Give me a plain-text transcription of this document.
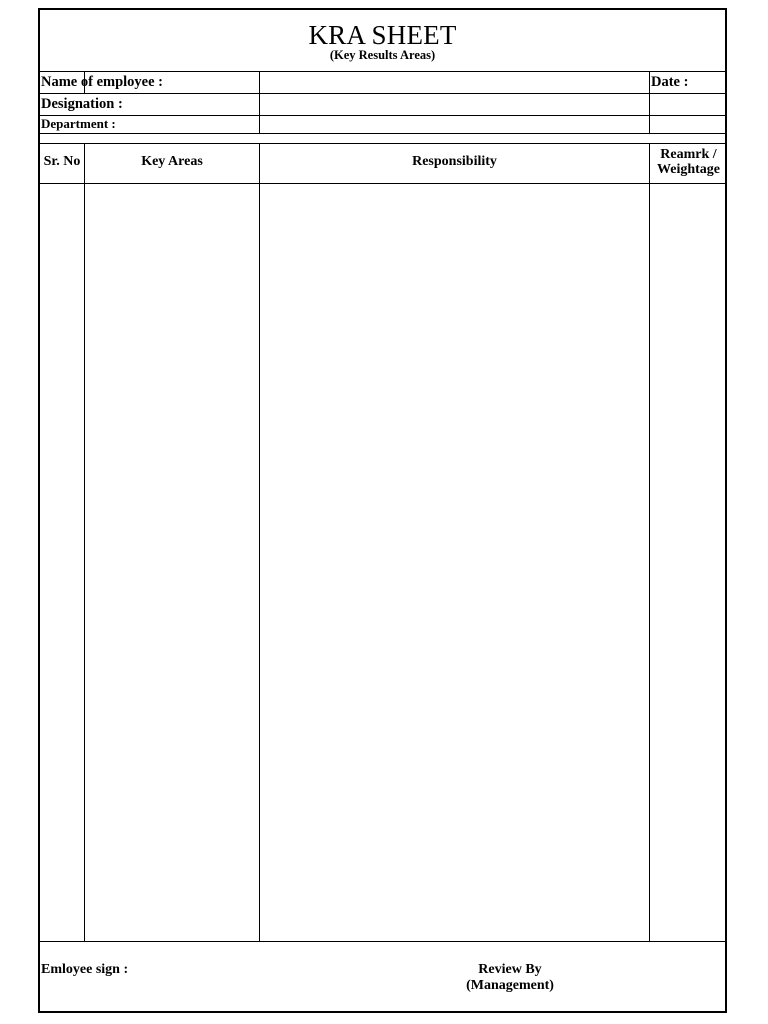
KRA SHEET
(Key Results Areas)
Name of employee :	Date :
Designation :
Department :
Sr. No	Key Areas	Responsibility	Reamrk /
Weightage
Emloyee sign :	Review By
(Management)
